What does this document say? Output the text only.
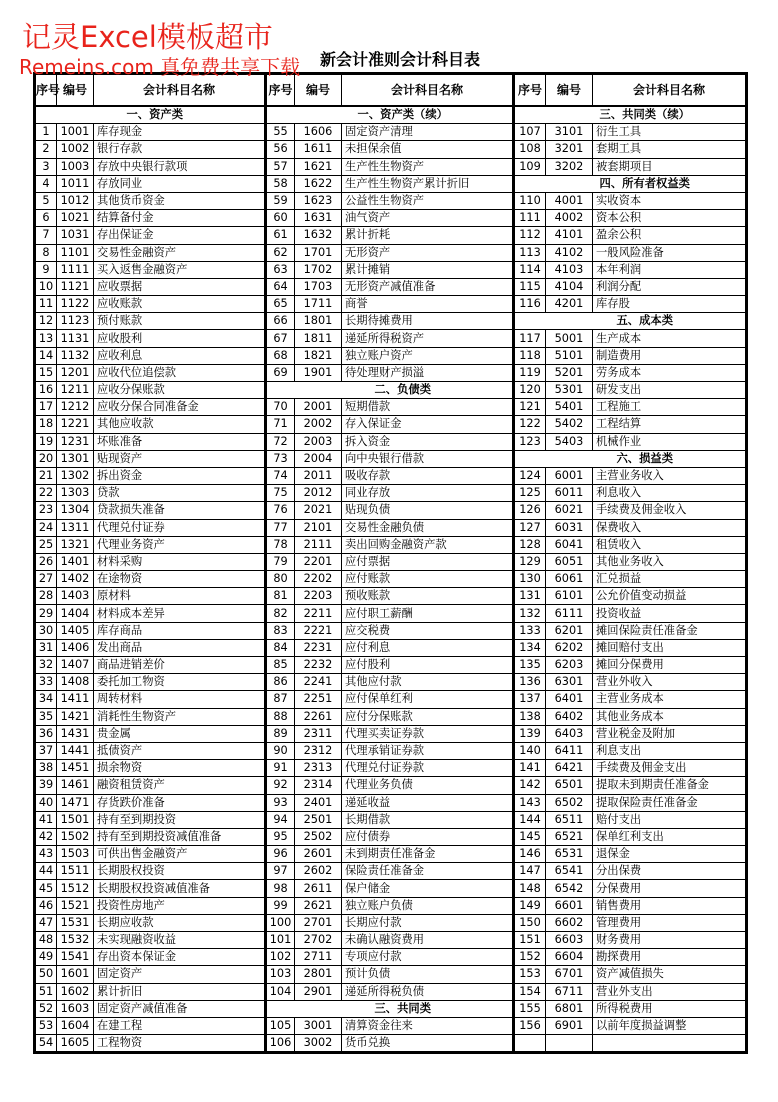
记灵Excel模板超市
Remeins.com 真免费共享下载	新会计准则会计科目表
序号	编号	会计科目名称
		一、资产类
1	1001	库存现金
2	1002	银行存款
3	1003	存放中央银行款项
4	1011	存放同业
5	1012	其他货币资金
6	1021	结算备付金
7	1031	存出保证金
8	1101	交易性金融资产
9	1111	买入返售金融资产
10	1121	应收票据
11	1122	应收账款
12	1123	预付账款
13	1131	应收股利
14	1132	应收利息
15	1201	应收代位追偿款
16	1211	应收分保账款
17	1212	应收分保合同准备金
18	1221	其他应收款
19	1231	坏账准备
20	1301	贴现资产
21	1302	拆出资金
22	1303	贷款
23	1304	贷款损失准备
24	1311	代理兑付证券
25	1321	代理业务资产
26	1401	材料采购
27	1402	在途物资
28	1403	原材料
29	1404	材料成本差异
30	1405	库存商品
31	1406	发出商品
32	1407	商品进销差价
33	1408	委托加工物资
34	1411	周转材料
35	1421	消耗性生物资产
36	1431	贵金属
37	1441	抵债资产
38	1451	损余物资
39	1461	融资租赁资产
40	1471	存货跌价准备
41	1501	持有至到期投资
42	1502	持有至到期投资减值准备
43	1503	可供出售金融资产
44	1511	长期股权投资
45	1512	长期股权投资减值准备
46	1521	投资性房地产
47	1531	长期应收款
48	1532	未实现融资收益
49	1541	存出资本保证金
50	1601	固定资产
51	1602	累计折旧
52	1603	固定资产减值准备
53	1604	在建工程
54	1605	工程物资
序号	编号	会计科目名称
		一、资产类（续）
55	1606	固定资产清理
56	1611	未担保余值
57	1621	生产性生物资产
58	1622	生产性生物资产累计折旧
59	1623	公益性生物资产
60	1631	油气资产
61	1632	累计折耗
62	1701	无形资产
63	1702	累计摊销
64	1703	无形资产减值准备
65	1711	商誉
66	1801	长期待摊费用
67	1811	递延所得税资产
68	1821	独立账户资产
69	1901	待处理财产损溢
		二、负债类
70	2001	短期借款
71	2002	存入保证金
72	2003	拆入资金
73	2004	向中央银行借款
74	2011	吸收存款
75	2012	同业存放
76	2021	贴现负债
77	2101	交易性金融负债
78	2111	卖出回购金融资产款
79	2201	应付票据
80	2202	应付账款
81	2203	预收账款
82	2211	应付职工薪酬
83	2221	应交税费
84	2231	应付利息
85	2232	应付股利
86	2241	其他应付款
87	2251	应付保单红利
88	2261	应付分保账款
89	2311	代理买卖证券款
90	2312	代理承销证券款
91	2313	代理兑付证券款
92	2314	代理业务负债
93	2401	递延收益
94	2501	长期借款
95	2502	应付债券
96	2601	未到期责任准备金
97	2602	保险责任准备金
98	2611	保户储金
99	2621	独立账户负债
100	2701	长期应付款
101	2702	未确认融资费用
102	2711	专项应付款
103	2801	预计负债
104	2901	递延所得税负债
		三、共同类
105	3001	清算资金往来
106	3002	货币兑换
序号	编号	会计科目名称
		三、共同类（续）
107	3101	衍生工具
108	3201	套期工具
109	3202	被套期项目
		四、所有者权益类
110	4001	实收资本
111	4002	资本公积
112	4101	盈余公积
113	4102	一般风险准备
114	4103	本年利润
115	4104	利润分配
116	4201	库存股
		五、成本类
117	5001	生产成本
118	5101	制造费用
119	5201	劳务成本
120	5301	研发支出
121	5401	工程施工
122	5402	工程结算
123	5403	机械作业
		六、损益类
124	6001	主营业务收入
125	6011	利息收入
126	6021	手续费及佣金收入
127	6031	保费收入
128	6041	租赁收入
129	6051	其他业务收入
130	6061	汇兑损益
131	6101	公允价值变动损益
132	6111	投资收益
133	6201	摊回保险责任准备金
134	6202	摊回赔付支出
135	6203	摊回分保费用
136	6301	营业外收入
137	6401	主营业务成本
138	6402	其他业务成本
139	6403	营业税金及附加
140	6411	利息支出
141	6421	手续费及佣金支出
142	6501	提取未到期责任准备金
143	6502	提取保险责任准备金
144	6511	赔付支出
145	6521	保单红利支出
146	6531	退保金
147	6541	分出保费
148	6542	分保费用
149	6601	销售费用
150	6602	管理费用
151	6603	财务费用
152	6604	勘探费用
153	6701	资产减值损失
154	6711	营业外支出
155	6801	所得税费用
156	6901	以前年度损益调整
